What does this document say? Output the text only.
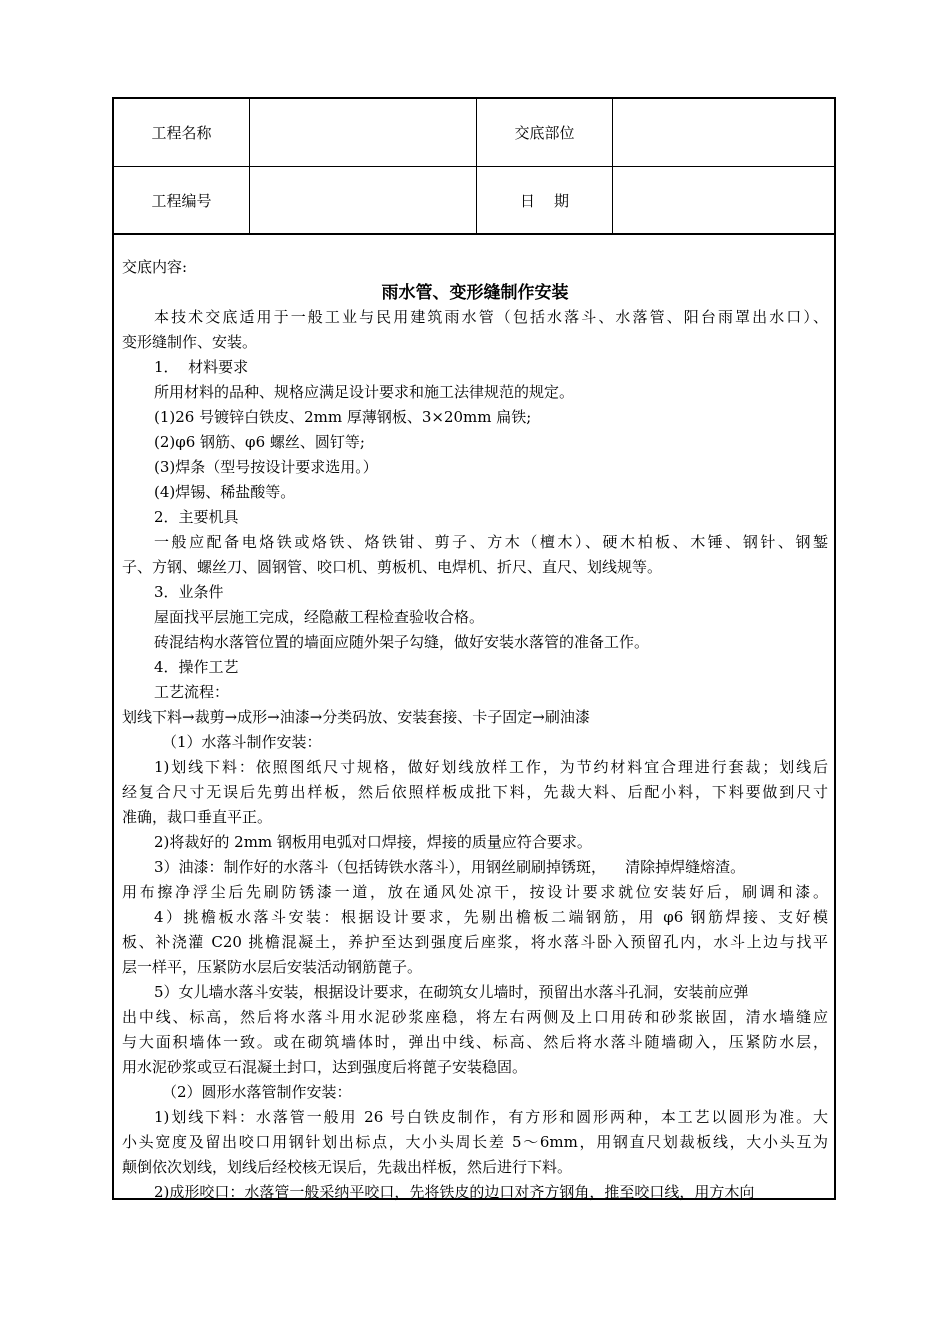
工程名称	交底部位
工程编号	日    期
交底内容:
雨水管、变形缝制作安装
本技术交底适用于一般工业与民用建筑雨水管（包括水落斗、水落管、阳台雨罩出水口）、
变形缝制作、安装。
1．  材料要求
所用材料的品种、规格应满足设计要求和施工法律规范的规定。
(1)26 号镀锌白铁皮、2mm 厚薄钢板、3×20mm 扁铁;
(2)φ6 钢筋、φ6 螺丝、圆钉等;
(3)焊条（型号按设计要求选用。）
(4)焊锡、稀盐酸等。
2．主要机具
一般应配备电烙铁或烙铁、烙铁钳、剪子、方木（檀木）、硬木柏板、木锤、钢针、钢錾
子、方钢、螺丝刀、圆钢管、咬口机、剪板机、电焊机、折尺、直尺、划线规等。
3．业条件
屋面找平层施工完成，经隐蔽工程检查验收合格。
砖混结构水落管位置的墙面应随外架子勾缝，做好安装水落管的准备工作。
4．操作工艺
工艺流程：
划线下料→裁剪→成形→油漆→分类码放、安装套接、卡子固定→刷油漆
（1）水落斗制作安装：
1)划线下料：依照图纸尺寸规格，做好划线放样工作，为节约材料宜合理进行套裁；划线后
经复合尺寸无误后先剪出样板，然后依照样板成批下料，先裁大料、后配小料，下料要做到尺寸
准确，裁口垂直平正。
2)将裁好的 2mm 钢板用电弧对口焊接，焊接的质量应符合要求。
3）油漆：制作好的水落斗（包括铸铁水落斗），用钢丝刷刷掉锈斑，    清除掉焊缝熔渣。
用布擦净浮尘后先刷防锈漆一道，放在通风处凉干，按设计要求就位安装好后，刷调和漆。
4）挑檐板水落斗安装：根据设计要求，先剔出檐板二端钢筋，用 φ6 钢筋焊接、支好模
板、补浇灌 C20 挑檐混凝土，养护至达到强度后座浆，将水落斗卧入预留孔内，水斗上边与找平
层一样平，压紧防水层后安装活动钢筋蓖子。
5）女儿墙水落斗安装，根据设计要求，在砌筑女儿墙时，预留出水落斗孔洞，安装前应弹
出中线、标高，然后将水落斗用水泥砂浆座稳，将左右两侧及上口用砖和砂浆嵌固，清水墙缝应
与大面积墙体一致。或在砌筑墙体时，弹出中线、标高、然后将水落斗随墙砌入，压紧防水层，
用水泥砂浆或豆石混凝土封口，达到强度后将蓖子安装稳固。
（2）圆形水落管制作安装：
1)划线下料：水落管一般用 26 号白铁皮制作，有方形和圆形两种，本工艺以圆形为准。大
小头宽度及留出咬口用钢针划出标点，大小头周长差 5～6mm，用钢直尺划裁板线，大小头互为
颠倒依次划线，划线后经校核无误后，先裁出样板，然后进行下料。
2)成形咬口：水落管一般采纳平咬口，先将铁皮的边口对齐方钢角，推至咬口线，用方木向
